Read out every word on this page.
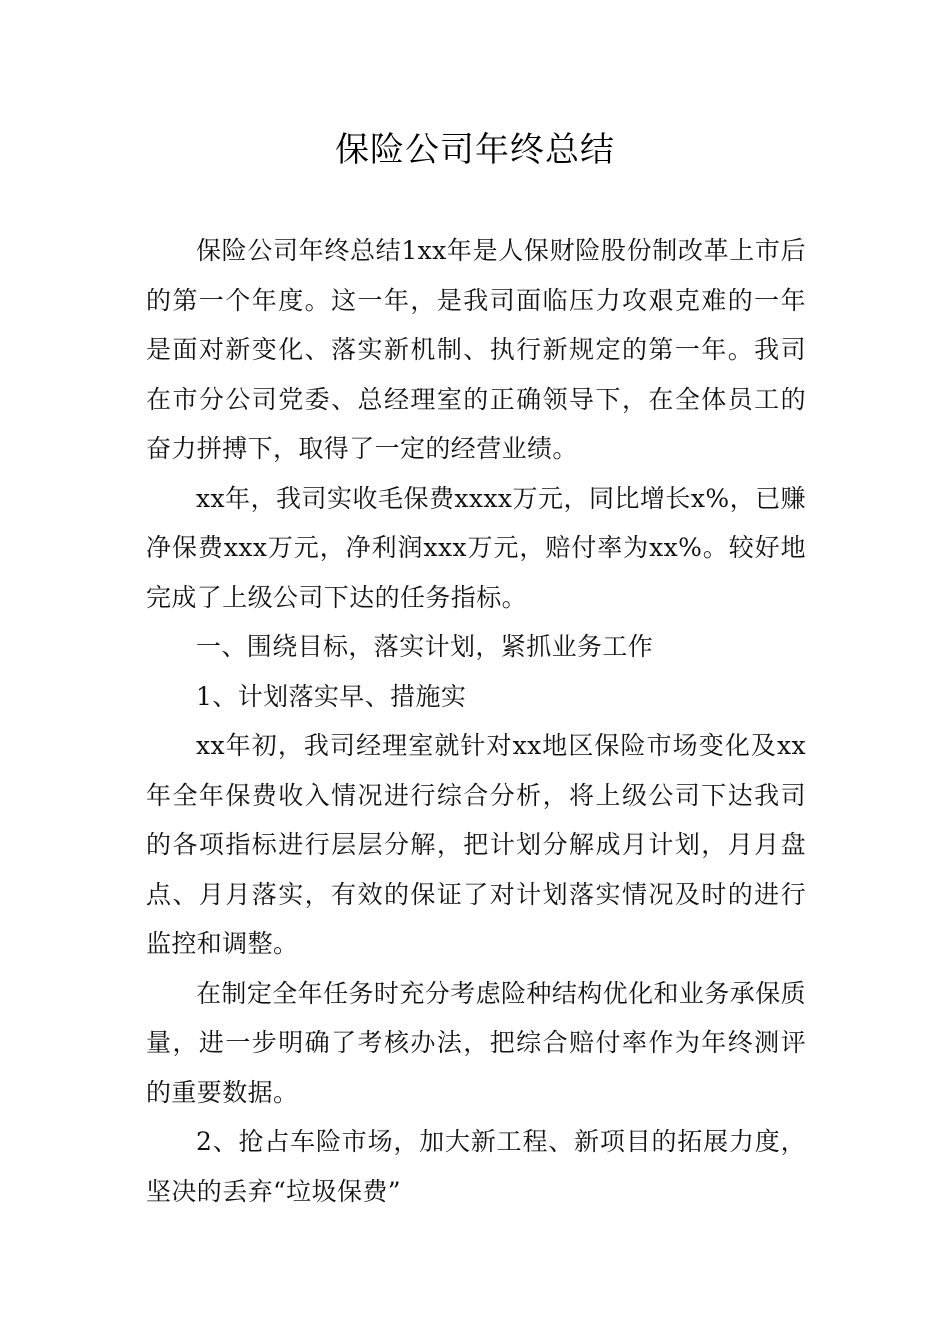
保险公司年终总结

保险公司年终总结1xx年是人保财险股份制改革上市后的第一个年度。这一年，是我司面临压力攻艰克难的一年是面对新变化、落实新机制、执行新规定的第一年。我司在市分公司党委、总经理室的正确领导下，在全体员工的奋力拼搏下，取得了一定的经营业绩。

xx年，我司实收毛保费xxxx万元，同比增长x%，已赚净保费xxx万元，净利润xxx万元，赔付率为xx%。较好地完成了上级公司下达的任务指标。

一、围绕目标，落实计划，紧抓业务工作

1、计划落实早、措施实

xx年初，我司经理室就针对xx地区保险市场变化及xx年全年保费收入情况进行综合分析，将上级公司下达我司的各项指标进行层层分解，把计划分解成月计划，月月盘点、月月落实，有效的保证了对计划落实情况及时的进行监控和调整。

在制定全年任务时充分考虑险种结构优化和业务承保质量，进一步明确了考核办法，把综合赔付率作为年终测评的重要数据。

2、抢占车险市场，加大新工程、新项目的拓展力度，坚决的丢弃“垃圾保费”
